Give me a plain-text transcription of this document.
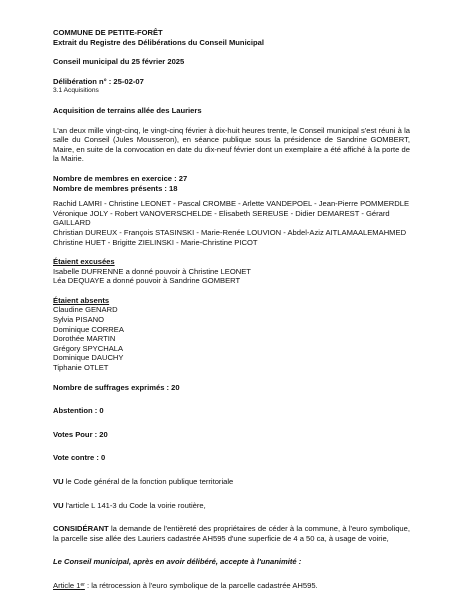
COMMUNE DE PETITE-FORÊT

Extrait du Registre des Délibérations du Conseil Municipal

Conseil municipal du 25 février 2025

Délibération n° : 25-02-07

3.1 Acquisitions

Acquisition de terrains allée des Lauriers

L'an deux mille vingt-cinq, le vingt-cinq février à dix-huit heures trente, le Conseil municipal s'est réuni à la salle du Conseil (Jules Mousseron), en séance publique sous la présidence de Sandrine GOMBERT, Maire, en suite de la convocation en date du dix-neuf février dont un exemplaire a été affiché à la porte de la Mairie.

Nombre de membres en exercice : 27

Nombre de membres présents : 18

Rachid LAMRI - Christine LEONET - Pascal CROMBE - Arlette VANDEPOEL - Jean-Pierre POMMERDLE

Véronique JOLY - Robert VANOVERSCHELDE - Elisabeth SEREUSE - Didier DEMAREST - Gérard GAILLARD

Christian DUREUX - François STASINSKI - Marie-Renée LOUVION - Abdel-Aziz AITLAMAALEMAHMED

Christine HUET - Brigitte ZIELINSKI - Marie-Christine PICOT

Étaient excusées

Isabelle DUFRENNE a donné pouvoir à Christine LEONET

Léa DEQUAYE a donné pouvoir à Sandrine GOMBERT

Étaient absents

Claudine GENARD

Sylvia PISANO

Dominique CORREA

Dorothée MARTIN

Grégory SPYCHALA

Dominique DAUCHY

Tiphanie OTLET

Nombre de suffrages exprimés : 20

Abstention : 0

Votes Pour : 20

Vote contre : 0

VU le Code général de la fonction publique territoriale

VU l'article L 141-3 du Code la voirie routière,

CONSIDÉRANT la demande de l'entièreté des propriétaires de céder à la commune, à l'euro symbolique, la parcelle sise allée des Lauriers cadastrée AH595 d'une superficie de 4 a 50 ca, à usage de voirie,

Le Conseil municipal, après en avoir délibéré, accepte à l'unanimité :

Article 1er : la rétrocession à l'euro symbolique de la parcelle cadastrée AH595.
